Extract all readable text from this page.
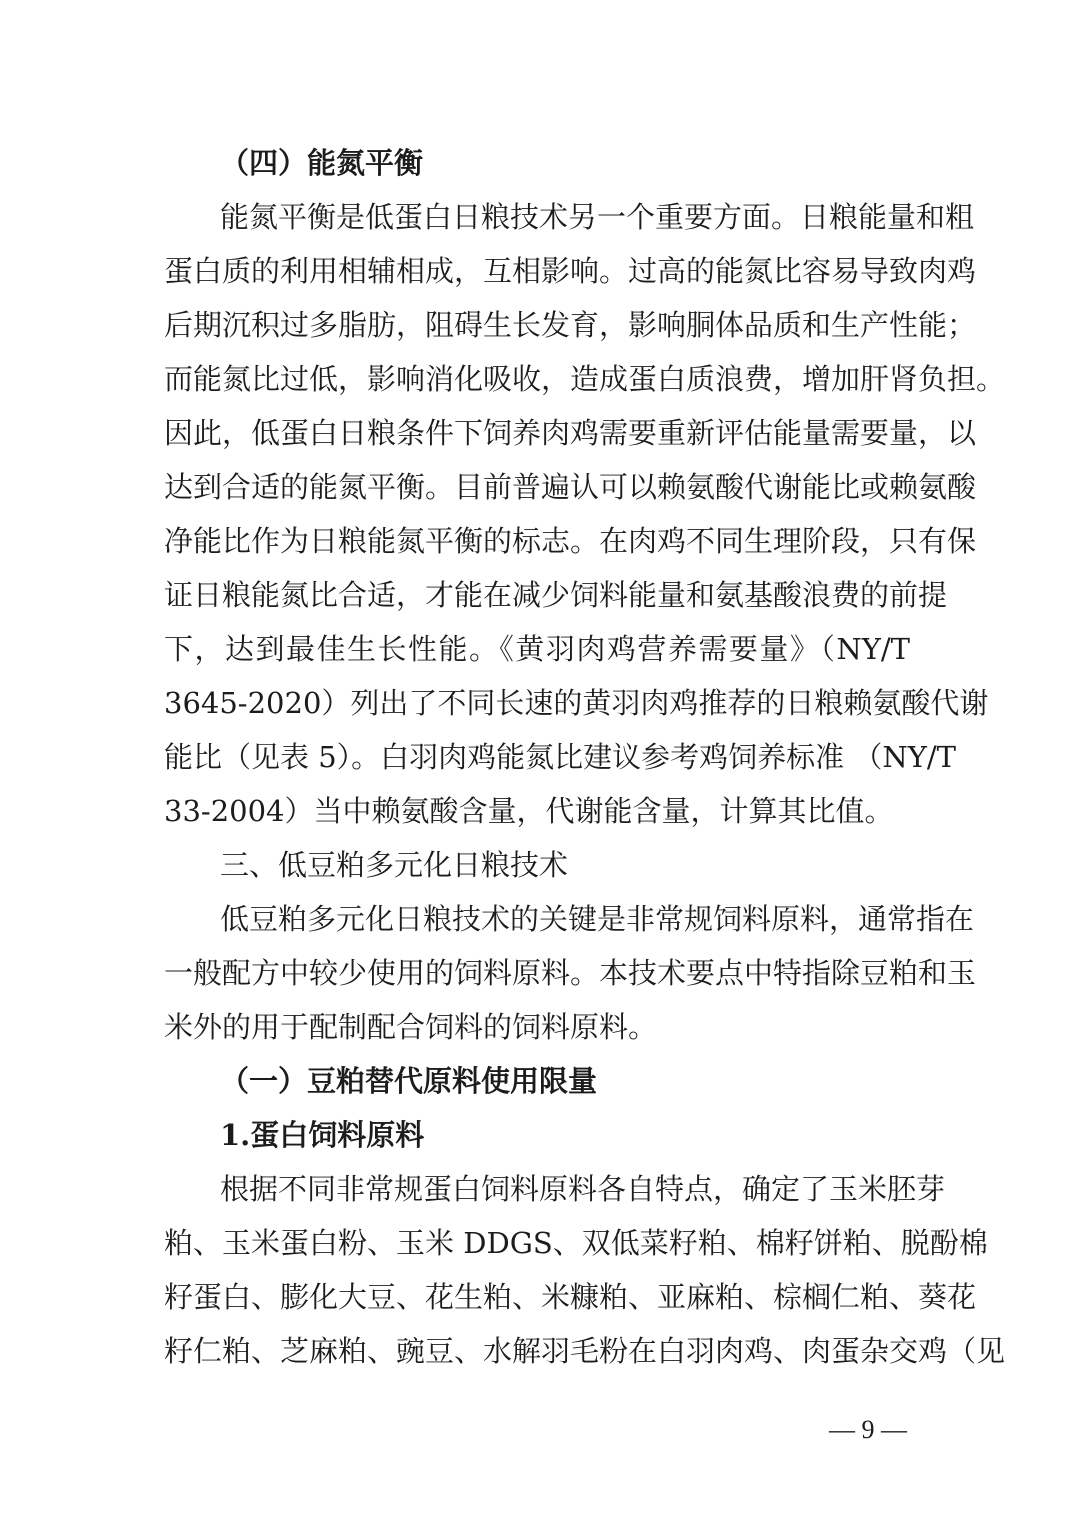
（四）能氮平衡
能氮平衡是低蛋白日粮技术另一个重要方面。日粮能量和粗
蛋白质的利用相辅相成，互相影响。过高的能氮比容易导致肉鸡
后期沉积过多脂肪，阻碍生长发育，影响胴体品质和生产性能；
而能氮比过低，影响消化吸收，造成蛋白质浪费，增加肝肾负担。
因此，低蛋白日粮条件下饲养肉鸡需要重新评估能量需要量，以
达到合适的能氮平衡。目前普遍认可以赖氨酸代谢能比或赖氨酸
净能比作为日粮能氮平衡的标志。在肉鸡不同生理阶段，只有保
证日粮能氮比合适，才能在减少饲料能量和氨基酸浪费的前提
下，达到最佳生长性能。《黄羽肉鸡营养需要量》（NY/T
3645-2020）列出了不同长速的黄羽肉鸡推荐的日粮赖氨酸代谢
能比（见表 5）。白羽肉鸡能氮比建议参考鸡饲养标准 （NY/T
33-2004）当中赖氨酸含量，代谢能含量，计算其比值。
三、低豆粕多元化日粮技术
低豆粕多元化日粮技术的关键是非常规饲料原料，通常指在
一般配方中较少使用的饲料原料。本技术要点中特指除豆粕和玉
米外的用于配制配合饲料的饲料原料。
（一）豆粕替代原料使用限量
1.蛋白饲料原料
根据不同非常规蛋白饲料原料各自特点，确定了玉米胚芽
粕、玉米蛋白粉、玉米 DDGS、双低菜籽粕、棉籽饼粕、脱酚棉
籽蛋白、膨化大豆、花生粕、米糠粕、亚麻粕、棕榈仁粕、葵花
籽仁粕、芝麻粕、豌豆、水解羽毛粉在白羽肉鸡、肉蛋杂交鸡（见
— 9 —
